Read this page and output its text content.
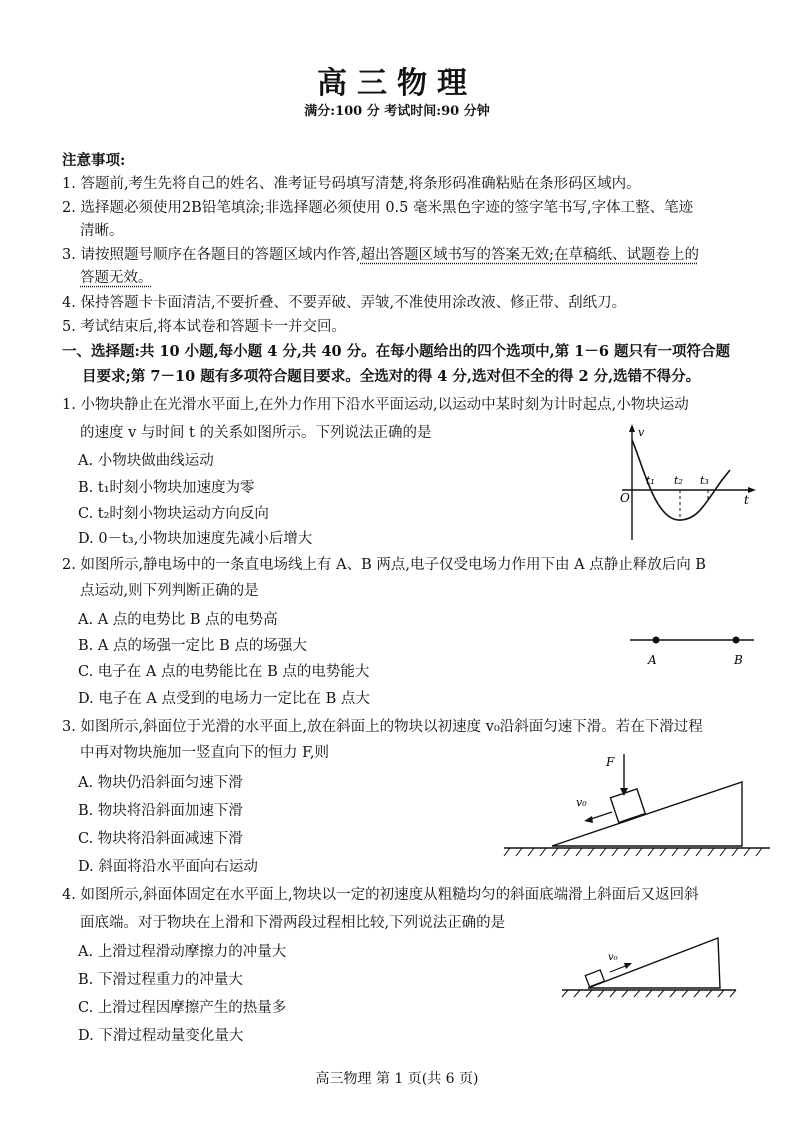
高三物理
满分:100 分 考试时间:90 分钟
注意事项:
1. 答题前,考生先将自己的姓名、准考证号码填写清楚,将条形码准确粘贴在条形码区域内。
2. 选择题必须使用2B铅笔填涂;非选择题必须使用 0.5 毫米黑色字迹的签字笔书写,字体工整、笔迹
清晰。
3. 请按照题号顺序在各题目的答题区域内作答,超出答题区域书写的答案无效;在草稿纸、试题卷上的
答题无效。
4. 保持答题卡卡面清洁,不要折叠、不要弄破、弄皱,不准使用涂改液、修正带、刮纸刀。
5. 考试结束后,将本试卷和答题卡一并交回。
一、选择题:共 10 小题,每小题 4 分,共 40 分。在每小题给出的四个选项中,第 1－6 题只有一项符合题
目要求;第 7－10 题有多项符合题目要求。全选对的得 4 分,选对但不全的得 2 分,选错不得分。
1. 小物块静止在光滑水平面上,在外力作用下沿水平面运动,以运动中某时刻为计时起点,小物块运动
的速度 v 与时间 t 的关系如图所示。下列说法正确的是
A. 小物块做曲线运动
B. t₁时刻小物块加速度为零
C. t₂时刻小物块运动方向反向
D. 0－t₃,小物块加速度先减小后增大
v
t
O
t₁ t₂ t₃
2. 如图所示,静电场中的一条直电场线上有 A、B 两点,电子仅受电场力作用下由 A 点静止释放后向 B
点运动,则下列判断正确的是
A. A 点的电势比 B 点的电势高
B. A 点的场强一定比 B 点的场强大
C. 电子在 A 点的电势能比在 B 点的电势能大
D. 电子在 A 点受到的电场力一定比在 B 点大
A	B
3. 如图所示,斜面位于光滑的水平面上,放在斜面上的物块以初速度 v₀沿斜面匀速下滑。若在下滑过程
中再对物块施加一竖直向下的恒力 F,则
A. 物块仍沿斜面匀速下滑
B. 物块将沿斜面加速下滑
C. 物块将沿斜面减速下滑
D. 斜面将沿水平面向右运动
F
v₀
4. 如图所示,斜面体固定在水平面上,物块以一定的初速度从粗糙均匀的斜面底端滑上斜面后又返回斜
面底端。对于物块在上滑和下滑两段过程相比较,下列说法正确的是
A. 上滑过程滑动摩擦力的冲量大
B. 下滑过程重力的冲量大
C. 上滑过程因摩擦产生的热量多
D. 下滑过程动量变化量大
v₀
高三物理 第 1 页(共 6 页)
